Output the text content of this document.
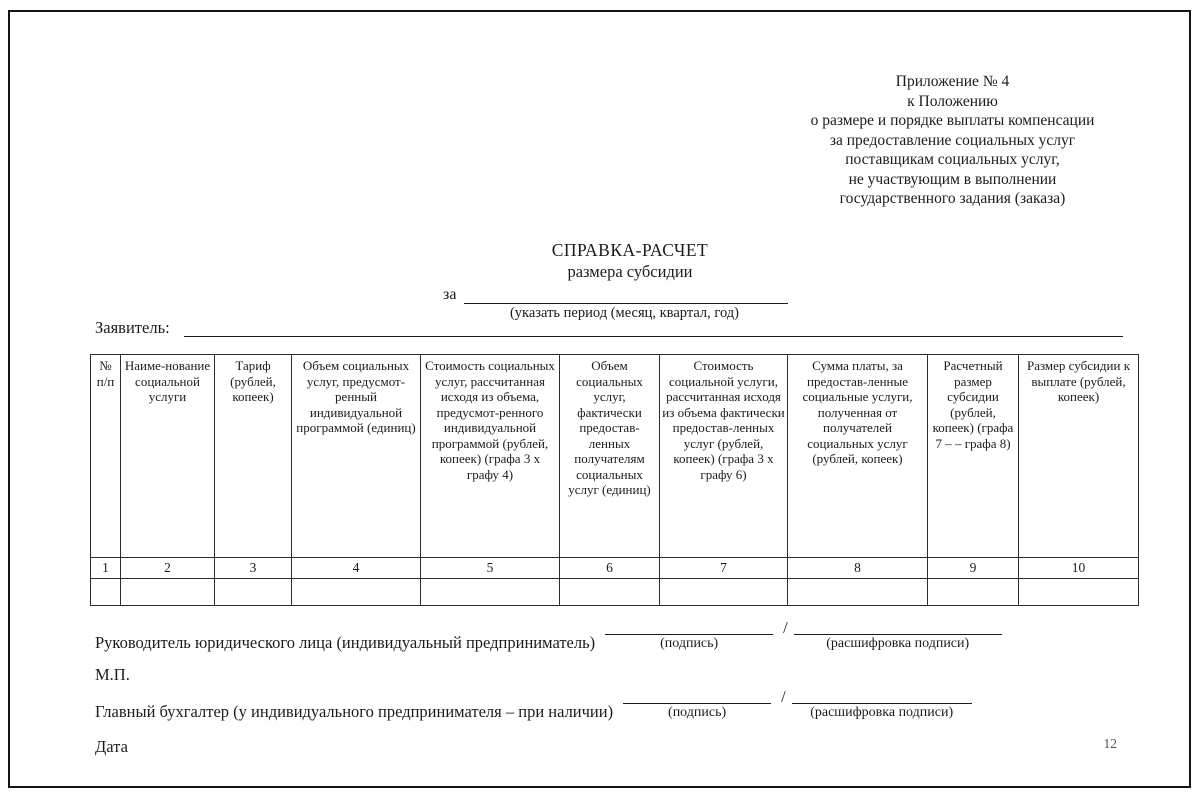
Приложение № 4
к Положению
о размере и порядке выплаты компенсации
за предоставление социальных услуг
поставщикам социальных услуг,
не участвующим в выполнении
государственного задания (заказа)
СПРАВКА-РАСЧЕТ
размера субсидии
за
(указать период (месяц, квартал, год)
Заявитель:
№ п/п	Наиме-нование социальной услуги	Тариф (рублей, копеек)	Объем социальных услуг, предусмот-ренный индивидуальной программой (единиц)	Стоимость социальных услуг, рассчитанная исходя из объема, предусмот-ренного индивидуальной программой (рублей, копеек) (графа 3 х графу 4)	Объем социальных услуг, фактически предостав-ленных получателям социальных услуг (единиц)	Стоимость социальной услуги, рассчитанная исходя из объема фактически предостав-ленных услуг (рублей, копеек) (графа 3 х графу 6)	Сумма платы, за предостав-ленные социальные услуги, полученная от получателей социальных услуг (рублей, копеек)	Расчетный размер субсидии (рублей, копеек) (графа 7 – – графа 8)	Размер субсидии к выплате (рублей, копеек)
1	2	3	4	5	6	7	8	9	10

Руководитель юридического лица (индивидуальный предприниматель)	(подпись)
/
(расшифровка подписи)
М.П.
Главный бухгалтер (у индивидуального предпринимателя – при наличии)	(подпись)
/
(расшифровка подписи)
Дата	12
